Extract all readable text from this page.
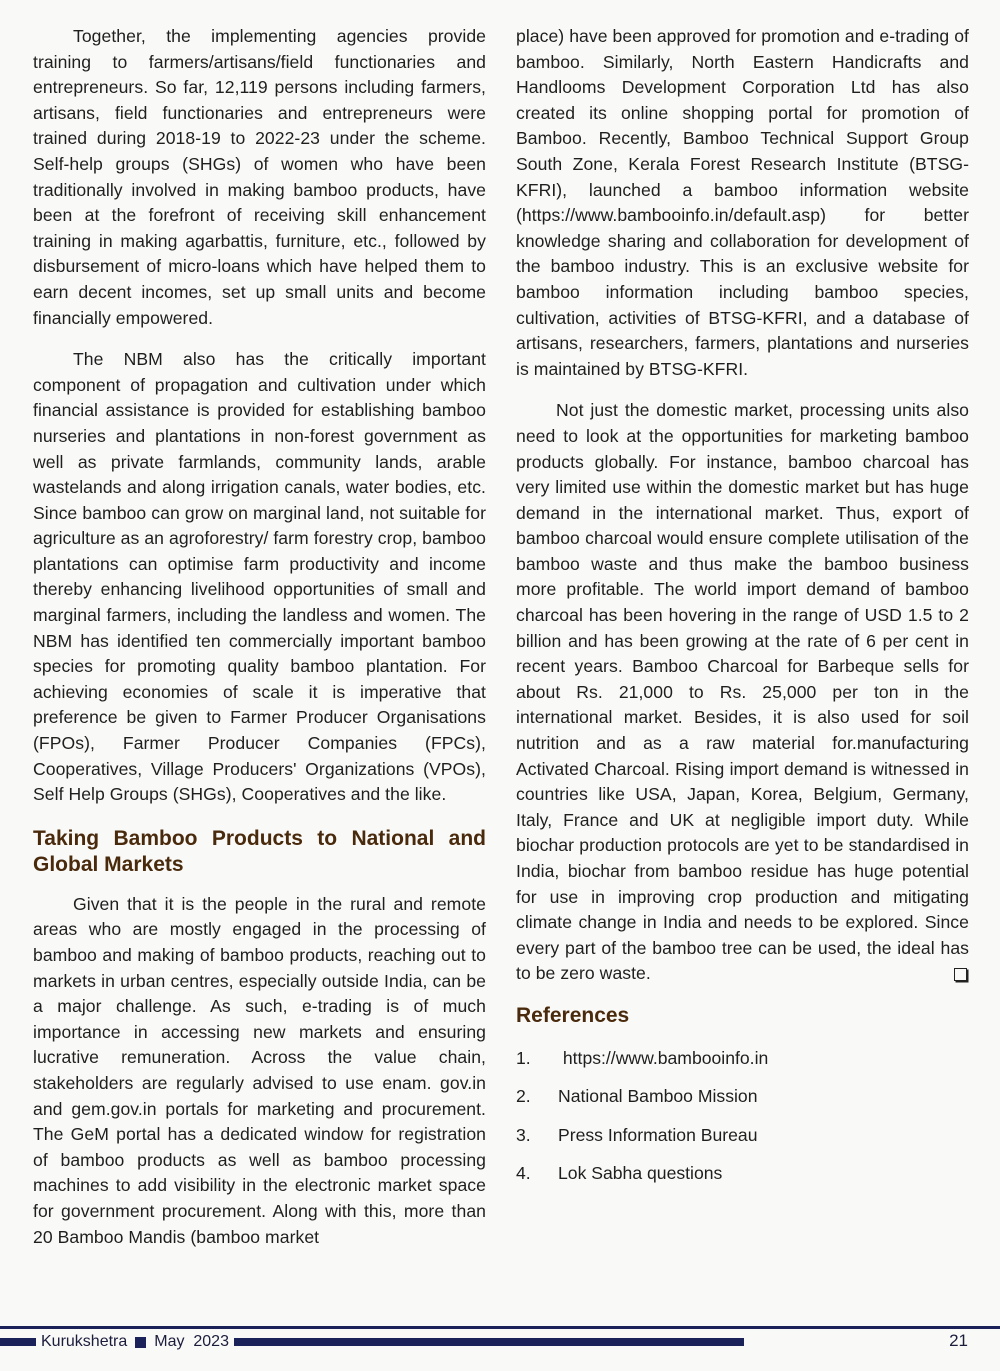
Together, the implementing agencies provide training to farmers/artisans/field functionaries and entrepreneurs. So far, 12,119 persons including farmers, artisans, field functionaries and entrepreneurs were trained during 2018-19 to 2022-23 under the scheme. Self-help groups (SHGs) of women who have been traditionally involved in making bamboo products, have been at the forefront of receiving skill enhancement training in making agarbattis, furniture, etc., followed by disbursement of micro-loans which have helped them to earn decent incomes, set up small units and become financially empowered.

The NBM also has the critically important component of propagation and cultivation under which financial assistance is provided for establishing bamboo nurseries and plantations in non-forest government as well as private farmlands, community lands, arable wastelands and along irrigation canals, water bodies, etc. Since bamboo can grow on marginal land, not suitable for agriculture as an agroforestry/ farm forestry crop, bamboo plantations can optimise farm productivity and income thereby enhancing livelihood opportunities of small and marginal farmers, including the landless and women. The NBM has identified ten commercially important bamboo species for promoting quality bamboo plantation. For achieving economies of scale it is imperative that preference be given to Farmer Producer Organisations (FPOs), Farmer Producer Companies (FPCs), Cooperatives, Village Producers' Organizations (VPOs), Self Help Groups (SHGs), Cooperatives and the like.

Taking Bamboo Products to National and Global Markets

Given that it is the people in the rural and remote areas who are mostly engaged in the processing of bamboo and making of bamboo products, reaching out to markets in urban centres, especially outside India, can be a major challenge. As such, e-trading is of much importance in accessing new markets and ensuring lucrative remuneration. Across the value chain, stakeholders are regularly advised to use enam. gov.in and gem.gov.in portals for marketing and procurement. The GeM portal has a dedicated window for registration of bamboo products as well as bamboo processing machines to add visibility in the electronic market space for government procurement. Along with this, more than 20 Bamboo Mandis (bamboo market

place) have been approved for promotion and e-trading of bamboo. Similarly, North Eastern Handicrafts and Handlooms Development Corporation Ltd has also created its online shopping portal for promotion of Bamboo. Recently, Bamboo Technical Support Group South Zone, Kerala Forest Research Institute (BTSG-KFRI), launched a bamboo information website (https://www.bambooinfo.in/default.asp) for better knowledge sharing and collaboration for development of the bamboo industry. This is an exclusive website for bamboo information including bamboo species, cultivation, activities of BTSG-KFRI, and a database of artisans, researchers, farmers, plantations and nurseries is maintained by BTSG-KFRI.

Not just the domestic market, processing units also need to look at the opportunities for marketing bamboo products globally. For instance, bamboo charcoal has very limited use within the domestic market but has huge demand in the international market. Thus, export of bamboo charcoal would ensure complete utilisation of the bamboo waste and thus make the bamboo business more profitable. The world import demand of bamboo charcoal has been hovering in the range of USD 1.5 to 2 billion and has been growing at the rate of 6 per cent in recent years. Bamboo Charcoal for Barbeque sells for about Rs. 21,000 to Rs. 25,000 per ton in the international market. Besides, it is also used for soil nutrition and as a raw material for.manufacturing Activated Charcoal. Rising import demand is witnessed in countries like USA, Japan, Korea, Belgium, Germany, Italy, France and UK at negligible import duty. While biochar production protocols are yet to be standardised in India, biochar from bamboo residue has huge potential for use in improving crop production and mitigating climate change in India and needs to be explored. Since every part of the bamboo tree can be used, the ideal has to be zero waste.

References
1.	https://www.bambooinfo.in
2.	National Bamboo Mission
3.	Press Information Bureau
4.	Lok Sabha questions
Kurukshetra May  2023	21
